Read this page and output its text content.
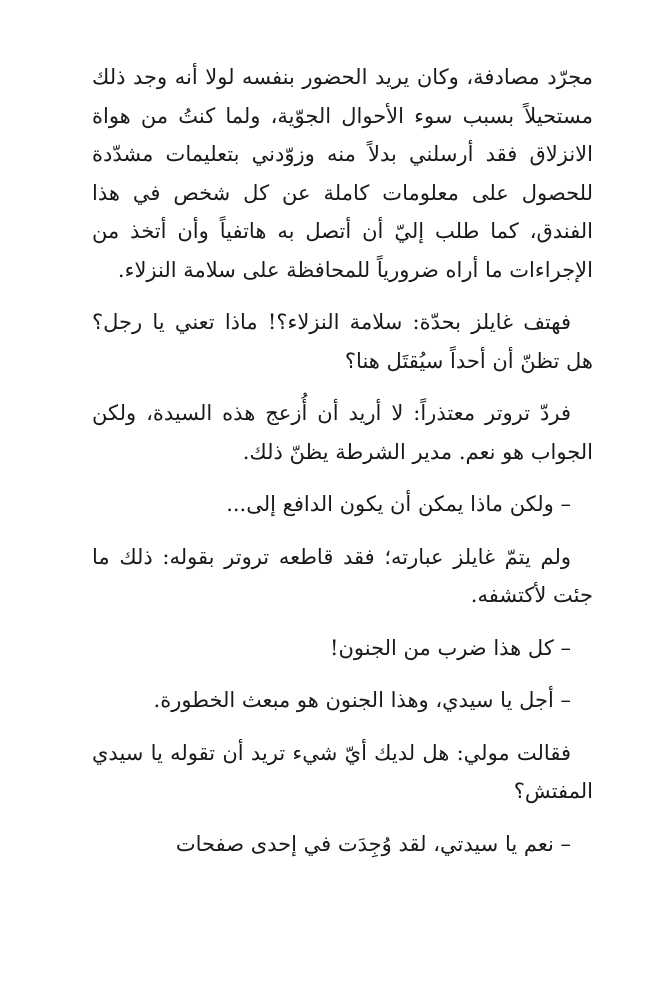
مجرّد مصادفة، وكان يريد الحضور بنفسه لولا أنه وجد ذلك مستحيلاً بسبب سوء الأحوال الجوّية، ولما كنتُ من هواة الانزلاق فقد أرسلني بدلاً منه وزوّدني بتعليمات مشدّدة للحصول على معلومات كاملة عن كل شخص في هذا الفندق، كما طلب إليّ أن أتصل به هاتفياً وأن أتخذ من الإجراءات ما أراه ضرورياً للمحافظة على سلامة النزلاء.

فهتف غايلز بحدّة: سلامة النزلاء؟! ماذا تعني يا رجل؟ هل تظنّ أن أحداً سيُقتَل هنا؟

فردّ تروتر معتذراً: لا أريد أن أُزعج هذه السيدة، ولكن الجواب هو نعم. مدير الشرطة يظنّ ذلك.

– ولكن ماذا يمكن أن يكون الدافع إلى...

ولم يتمّ غايلز عبارته؛ فقد قاطعه تروتر بقوله: ذلك ما جئت لأكتشفه.

– كل هذا ضرب من الجنون!

– أجل يا سيدي، وهذا الجنون هو مبعث الخطورة.

فقالت مولي: هل لديك أيّ شيء تريد أن تقوله يا سيدي المفتش؟

– نعم يا سيدتي، لقد وُجِدَت في إحدى صفحات
